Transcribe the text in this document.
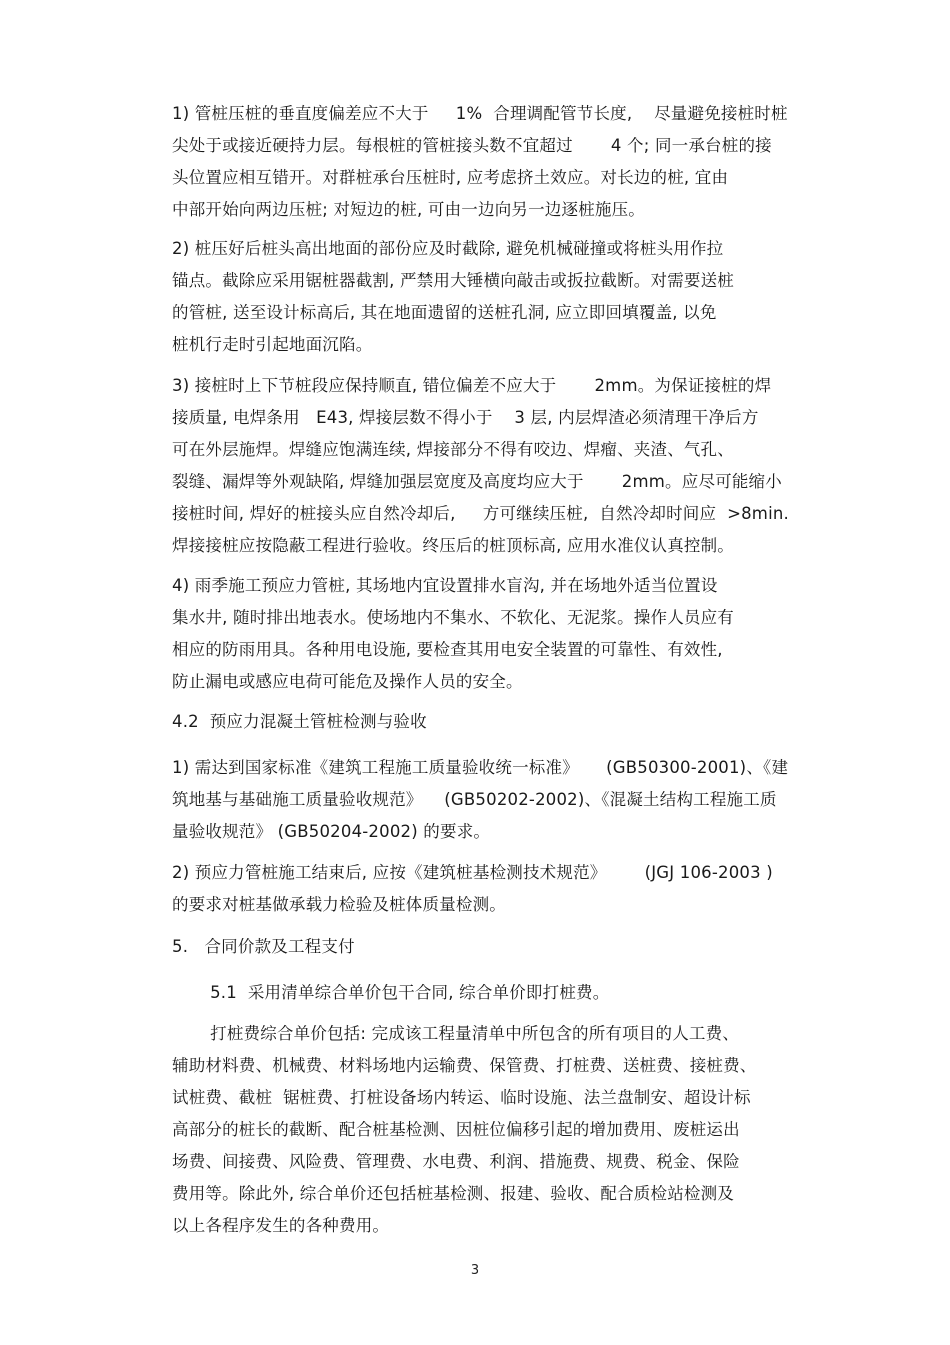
1) 管桩压桩的垂直度偏差应不大于     1%  合理调配管节长度,    尽量避免接桩时桩
尖处于或接近硬持力层。每根桩的管桩接头数不宜超过       4 个; 同一承台桩的接
头位置应相互错开。对群桩承台压桩时, 应考虑挤土效应。对长边的桩, 宜由
中部开始向两边压桩; 对短边的桩, 可由一边向另一边逐桩施压。
2) 桩压好后桩头高出地面的部份应及时截除, 避免机械碰撞或将桩头用作拉
锚点。截除应采用锯桩器截割, 严禁用大锤横向敲击或扳拉截断。对需要送桩
的管桩, 送至设计标高后, 其在地面遗留的送桩孔洞, 应立即回填覆盖, 以免
桩机行走时引起地面沉陷。
3) 接桩时上下节桩段应保持顺直, 错位偏差不应大于       2mm。为保证接桩的焊
接质量, 电焊条用   E43, 焊接层数不得小于    3 层, 内层焊渣必须清理干净后方
可在外层施焊。焊缝应饱满连续, 焊接部分不得有咬边、焊瘤、夹渣、气孔、
裂缝、漏焊等外观缺陷, 焊缝加强层宽度及高度均应大于       2mm。应尽可能缩小
接桩时间, 焊好的桩接头应自然冷却后,     方可继续压桩,  自然冷却时间应  >8min.
焊接接桩应按隐蔽工程进行验收。终压后的桩顶标高, 应用水准仪认真控制。
4) 雨季施工预应力管桩, 其场地内宜设置排水盲沟, 并在场地外适当位置设
集水井, 随时排出地表水。使场地内不集水、不软化、无泥浆。操作人员应有
相应的防雨用具。各种用电设施, 要检查其用电安全装置的可靠性、有效性,
防止漏电或感应电荷可能危及操作人员的安全。
4.2  预应力混凝土管桩检测与验收
1) 需达到国家标准《建筑工程施工质量验收统一标准》     (GB50300-2001)、《建
筑地基与基础施工质量验收规范》    (GB50202-2002)、《混凝土结构工程施工质
量验收规范》 (GB50204-2002) 的要求。
2) 预应力管桩施工结束后, 应按《建筑桩基检测技术规范》       (JGJ 106-2003 )
的要求对桩基做承载力检验及桩体质量检测。
5.   合同价款及工程支付
5.1  采用清单综合单价包干合同, 综合单价即打桩费。
打桩费综合单价包括: 完成该工程量清单中所包含的所有项目的人工费、
辅助材料费、机械费、材料场地内运输费、保管费、打桩费、送桩费、接桩费、
试桩费、截桩  锯桩费、打桩设备场内转运、临时设施、法兰盘制安、超设计标
高部分的桩长的截断、配合桩基检测、因桩位偏移引起的增加费用、废桩运出
场费、间接费、风险费、管理费、水电费、利润、措施费、规费、税金、保险
费用等。除此外, 综合单价还包括桩基检测、报建、验收、配合质检站检测及
以上各程序发生的各种费用。
3
